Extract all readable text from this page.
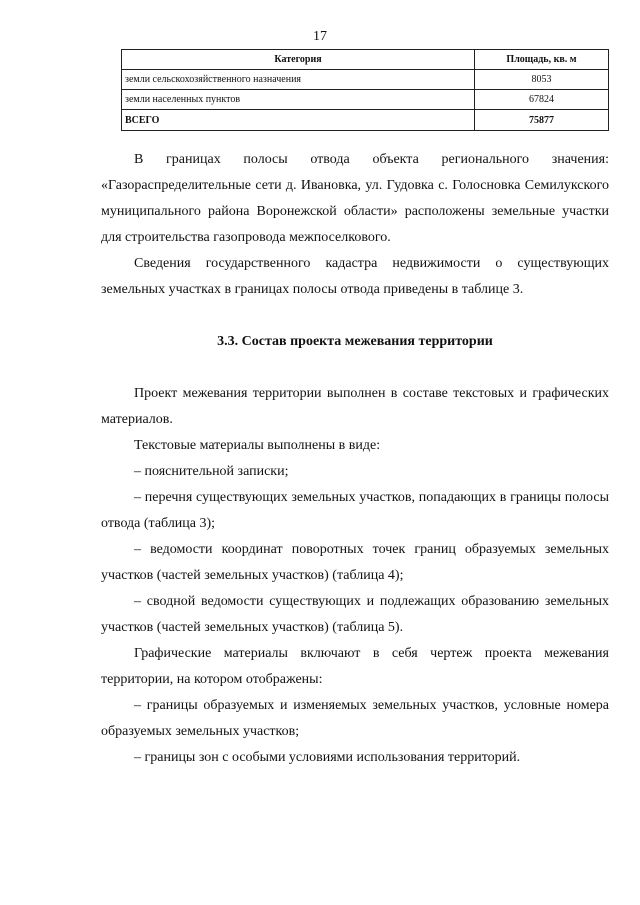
17
Категория	Площадь, кв. м
земли сельскохозяйственного назначения	8053
земли населенных пунктов	67824
ВСЕГО	75877

В границах полосы отвода объекта регионального значения: «Газораспределительные сети д. Ивановка, ул. Гудовка с. Голосновка Семилукского муниципального района Воронежской области» расположены земельные участки для строительства газопровода межпоселкового.

Сведения государственного кадастра недвижимости о существующих земельных участках в границах полосы отвода приведены в таблице 3.

3.3. Состав проекта межевания территории

Проект межевания территории выполнен в составе текстовых и графических материалов.

Текстовые материалы выполнены в виде:

– пояснительной записки;

– перечня существующих земельных участков, попадающих в границы полосы отвода (таблица 3);

– ведомости координат поворотных точек границ образуемых земельных участков (частей земельных участков) (таблица 4);

– сводной ведомости существующих и подлежащих образованию земельных участков (частей земельных участков) (таблица 5).

Графические материалы включают в себя чертеж проекта межевания территории, на котором отображены:

– границы образуемых и изменяемых земельных участков, условные номера образуемых земельных участков;

– границы зон с особыми условиями использования территорий.
